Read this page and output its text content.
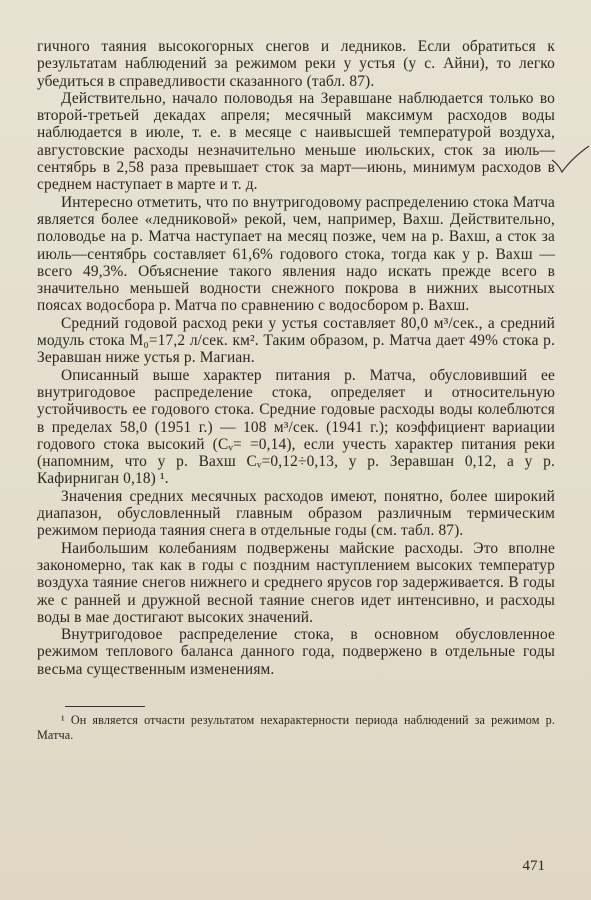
гичного таяния высокогорных снегов и ледников. Если обратиться к результатам наблюдений за режимом реки у устья (у с. Айни), то легко убедиться в справедливости сказанного (табл. 87).

Действительно, начало половодья на Зеравшане наблюдается только во второй-третьей декадах апреля; месячный максимум расходов воды наблюдается в июле, т. е. в месяце с наивысшей температурой воздуха, августовские расходы незначительно меньше июльских, сток за июль—сентябрь в 2,58 раза превышает сток за март—июнь, минимум расходов в среднем наступает в марте и т. д.

Интересно отметить, что по внутригодовому распределению стока Матча является более «ледниковой» рекой, чем, например, Вахш. Действительно, половодье на р. Матча наступает на месяц позже, чем на р. Вахш, а сток за июль—сентябрь составляет 61,6% годового стока, тогда как у р. Вахш — всего 49,3%. Объяснение такого явления надо искать прежде всего в значительно меньшей водности снежного покрова в нижних высотных поясах водосбора р. Матча по сравнению с водосбором р. Вахш.

Средний годовой расход реки у устья составляет 80,0 м³/сек., а средний модуль стока M₀=17,2 л/сек. км². Таким образом, р. Матча дает 49% стока р. Зеравшан ниже устья р. Магиан.

Описанный выше характер питания р. Матча, обусловивший ее внутригодовое распределение стока, определяет и относительную устойчивость ее годового стока. Средние годовые расходы воды колеблются в пределах 58,0 (1951 г.) — 108 м³/сек. (1941 г.); коэффициент вариации годового стока высокий (Cᵥ= =0,14), если учесть характер питания реки (напомним, что у р. Вахш Cᵥ=0,12÷0,13, у р. Зеравшан 0,12, а у р. Кафирниган 0,18) ¹.

Значения средних месячных расходов имеют, понятно, более широкий диапазон, обусловленный главным образом различным термическим режимом периода таяния снега в отдельные годы (см. табл. 87).

Наибольшим колебаниям подвержены майские расходы. Это вполне закономерно, так как в годы с поздним наступлением высоких температур воздуха таяние снегов нижнего и среднего ярусов гор задерживается. В годы же с ранней и дружной весной таяние снегов идет интенсивно, и расходы воды в мае достигают высоких значений.

Внутригодовое распределение стока, в основном обусловленное режимом теплового баланса данного года, подвержено в отдельные годы весьма существенным изменениям.

¹ Он является отчасти результатом нехарактерности периода наблюдений за режимом р. Матча.

471
